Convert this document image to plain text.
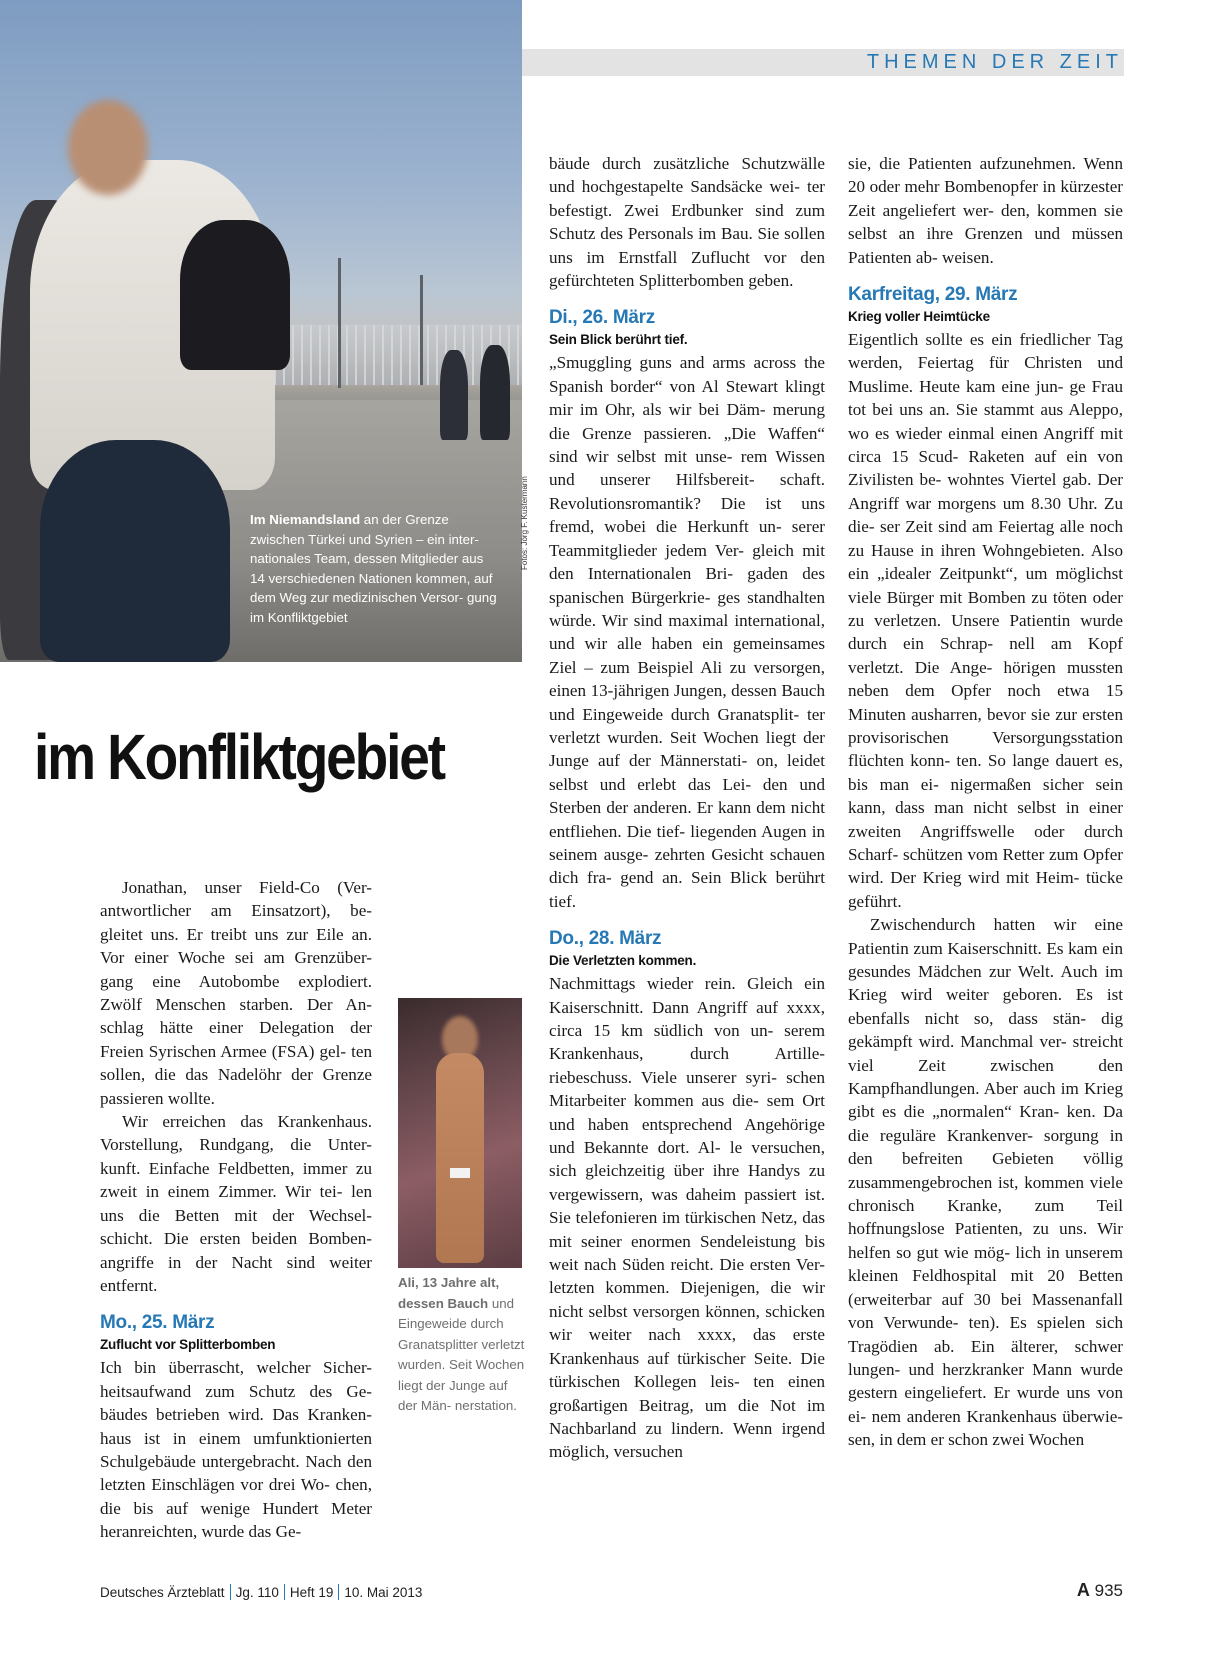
Im Niemandsland an der Grenze zwischen Türkei und Syrien – ein inter- nationales Team, dessen Mitglieder aus 14 verschiedenen Nationen kommen, auf dem Weg zur medizinischen Versor- gung im Konfliktgebiet
Fotos: Jörg F. Kustermann
THEMEN DER ZEIT
im Konfliktgebiet

Jonathan, unser Field-Co (Ver- antwortlicher am Einsatzort), be- gleitet uns. Er treibt uns zur Eile an. Vor einer Woche sei am Grenzüber- gang eine Autobombe explodiert. Zwölf Menschen starben. Der An- schlag hätte einer Delegation der Freien Syrischen Armee (FSA) gel- ten sollen, die das Nadelöhr der Grenze passieren wollte.

Wir erreichen das Krankenhaus. Vorstellung, Rundgang, die Unter- kunft. Einfache Feldbetten, immer zu zweit in einem Zimmer. Wir tei- len uns die Betten mit der Wechsel- schicht. Die ersten beiden Bomben- angriffe in der Nacht sind weiter entfernt.

Mo., 25. März
Zuflucht vor Splitterbomben

Ich bin überrascht, welcher Sicher- heitsaufwand zum Schutz des Ge- bäudes betrieben wird. Das Kranken- haus ist in einem umfunktionierten Schulgebäude untergebracht. Nach den letzten Einschlägen vor drei Wo- chen, die bis auf wenige Hundert Meter heranreichten, wurde das Ge-

Ali, 13 Jahre alt, dessen Bauch und Eingeweide durch Granatsplitter verletzt wurden. Seit Wochen liegt der Junge auf der Män- nerstation.

bäude durch zusätzliche Schutzwälle und hochgestapelte Sandsäcke wei- ter befestigt. Zwei Erdbunker sind zum Schutz des Personals im Bau. Sie sollen uns im Ernstfall Zuflucht vor den gefürchteten Splitterbomben geben.

Di., 26. März
Sein Blick berührt tief.

„Smuggling guns and arms across the Spanish border“ von Al Stewart klingt mir im Ohr, als wir bei Däm- merung die Grenze passieren. „Die Waffen“ sind wir selbst mit unse- rem Wissen und unserer Hilfsbereit- schaft. Revolutionsromantik? Die ist uns fremd, wobei die Herkunft un- serer Teammitglieder jedem Ver- gleich mit den Internationalen Bri- gaden des spanischen Bürgerkrie- ges standhalten würde. Wir sind maximal international, und wir alle haben ein gemeinsames Ziel – zum Beispiel Ali zu versorgen, einen 13-jährigen Jungen, dessen Bauch und Eingeweide durch Granatsplit- ter verletzt wurden. Seit Wochen liegt der Junge auf der Männerstati- on, leidet selbst und erlebt das Lei- den und Sterben der anderen. Er kann dem nicht entfliehen. Die tief- liegenden Augen in seinem ausge- zehrten Gesicht schauen dich fra- gend an. Sein Blick berührt tief.

Do., 28. März
Die Verletzten kommen.

Nachmittags wieder rein. Gleich ein Kaiserschnitt. Dann Angriff auf xxxx, circa 15 km südlich von un- serem Krankenhaus, durch Artille- riebeschuss. Viele unserer syri- schen Mitarbeiter kommen aus die- sem Ort und haben entsprechend Angehörige und Bekannte dort. Al- le versuchen, sich gleichzeitig über ihre Handys zu vergewissern, was daheim passiert ist. Sie telefonieren im türkischen Netz, das mit seiner enormen Sendeleistung bis weit nach Süden reicht. Die ersten Ver- letzten kommen. Diejenigen, die wir nicht selbst versorgen können, schicken wir weiter nach xxxx, das erste Krankenhaus auf türkischer Seite. Die türkischen Kollegen leis- ten einen großartigen Beitrag, um die Not im Nachbarland zu lindern. Wenn irgend möglich, versuchen

sie, die Patienten aufzunehmen. Wenn 20 oder mehr Bombenopfer in kürzester Zeit angeliefert wer- den, kommen sie selbst an ihre Grenzen und müssen Patienten ab- weisen.

Karfreitag, 29. März
Krieg voller Heimtücke

Eigentlich sollte es ein friedlicher Tag werden, Feiertag für Christen und Muslime. Heute kam eine jun- ge Frau tot bei uns an. Sie stammt aus Aleppo, wo es wieder einmal einen Angriff mit circa 15 Scud- Raketen auf ein von Zivilisten be- wohntes Viertel gab. Der Angriff war morgens um 8.30 Uhr. Zu die- ser Zeit sind am Feiertag alle noch zu Hause in ihren Wohngebieten. Also ein „idealer Zeitpunkt“, um möglichst viele Bürger mit Bomben zu töten oder zu verletzen. Unsere Patientin wurde durch ein Schrap- nell am Kopf verletzt. Die Ange- hörigen mussten neben dem Opfer noch etwa 15 Minuten ausharren, bevor sie zur ersten provisorischen Versorgungsstation flüchten konn- ten. So lange dauert es, bis man ei- nigermaßen sicher sein kann, dass man nicht selbst in einer zweiten Angriffswelle oder durch Scharf- schützen vom Retter zum Opfer wird. Der Krieg wird mit Heim- tücke geführt.

Zwischendurch hatten wir eine Patientin zum Kaiserschnitt. Es kam ein gesundes Mädchen zur Welt. Auch im Krieg wird weiter geboren. Es ist ebenfalls nicht so, dass stän- dig gekämpft wird. Manchmal ver- streicht viel Zeit zwischen den Kampfhandlungen. Aber auch im Krieg gibt es die „normalen“ Kran- ken. Da die reguläre Krankenver- sorgung in den befreiten Gebieten völlig zusammengebrochen ist, kommen viele chronisch Kranke, zum Teil hoffnungslose Patienten, zu uns. Wir helfen so gut wie mög- lich in unserem kleinen Feldhospital mit 20 Betten (erweiterbar auf 30 bei Massenanfall von Verwunde- ten). Es spielen sich Tragödien ab. Ein älterer, schwer lungen- und herzkranker Mann wurde gestern eingeliefert. Er wurde uns von ei- nem anderen Krankenhaus überwie- sen, in dem er schon zwei Wochen

Deutsches Ärzteblatt Jg. 110 Heft 19 10. Mai 2013	A 935
